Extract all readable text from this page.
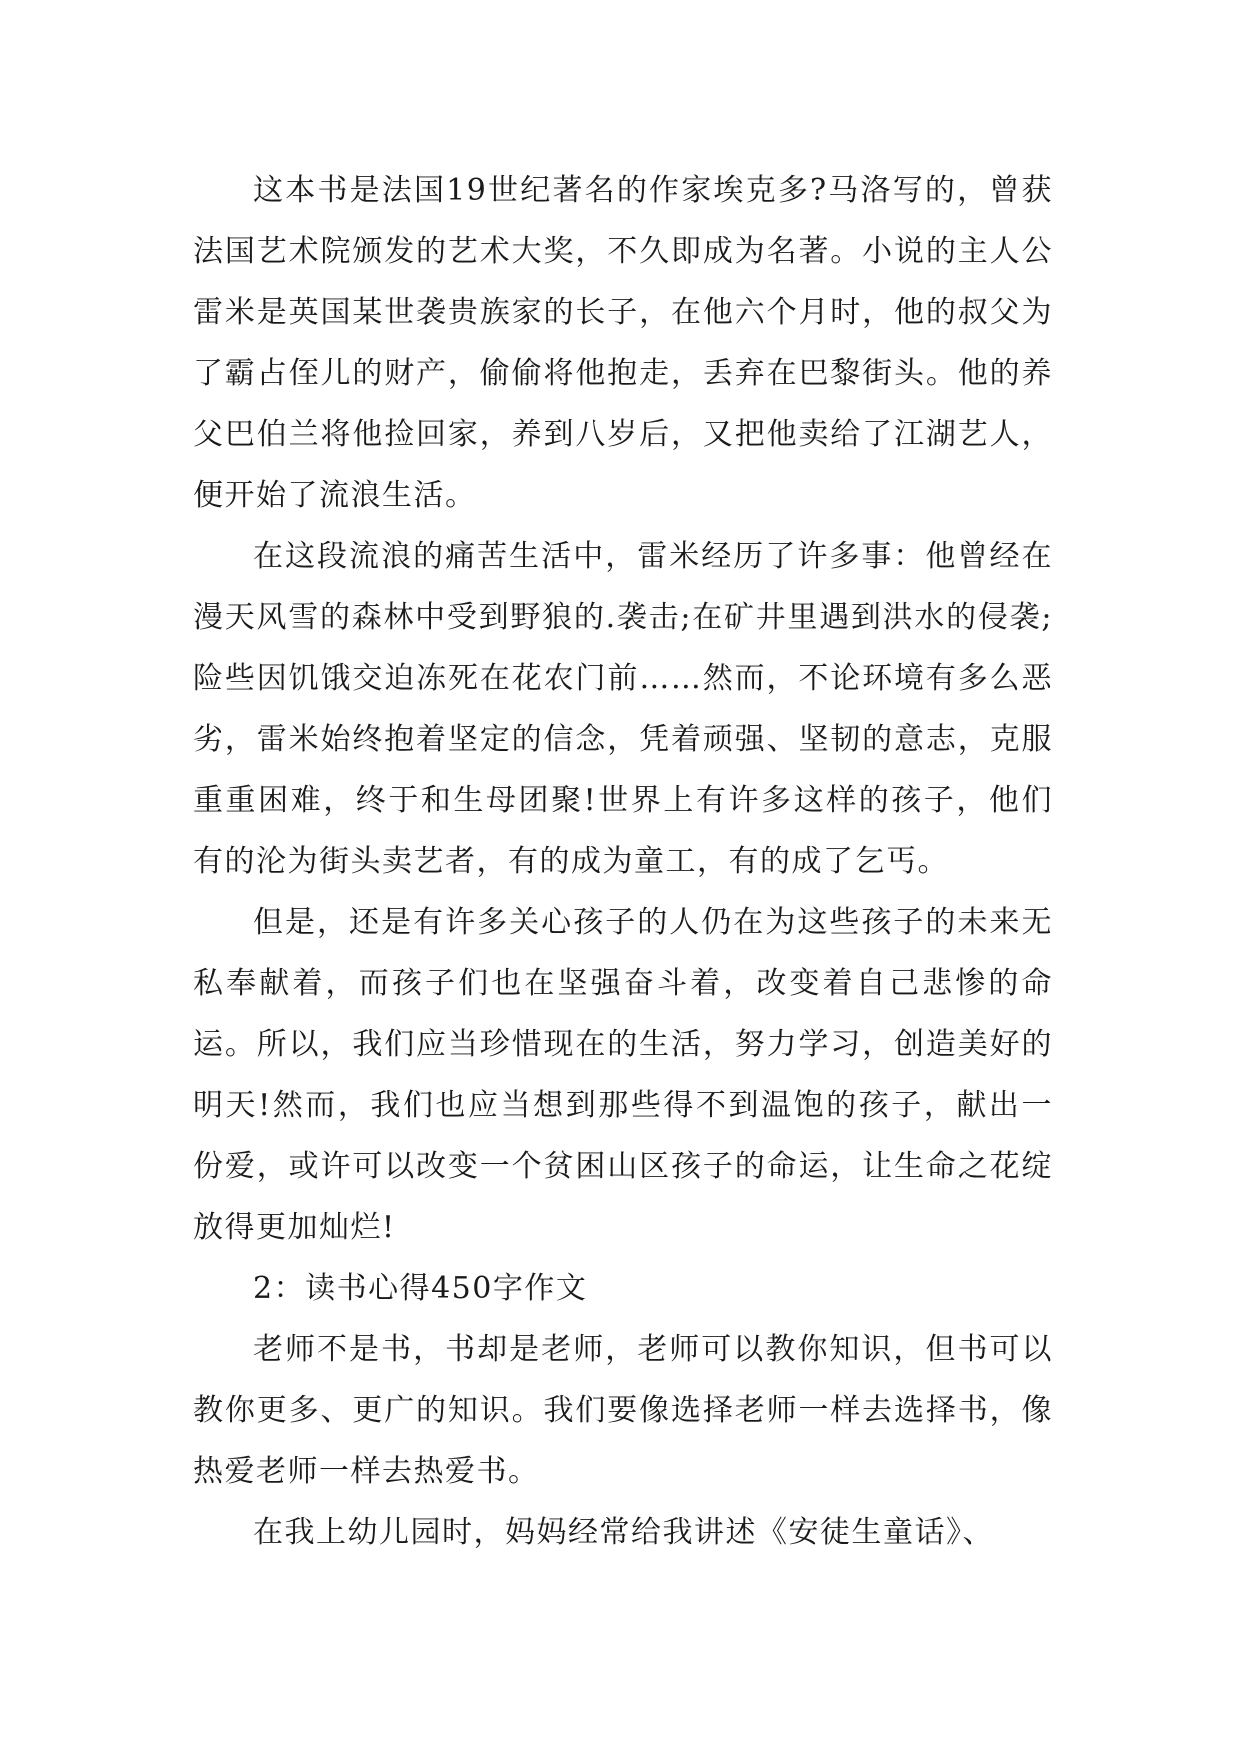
这本书是法国19世纪著名的作家埃克多?马洛写的，曾获法国艺术院颁发的艺术大奖，不久即成为名著。小说的主人公雷米是英国某世袭贵族家的长子，在他六个月时，他的叔父为了霸占侄儿的财产，偷偷将他抱走，丢弃在巴黎街头。他的养父巴伯兰将他捡回家，养到八岁后，又把他卖给了江湖艺人，便开始了流浪生活。

在这段流浪的痛苦生活中，雷米经历了许多事：他曾经在漫天风雪的森林中受到野狼的.袭击;在矿井里遇到洪水的侵袭;险些因饥饿交迫冻死在花农门前……然而，不论环境有多么恶劣，雷米始终抱着坚定的信念，凭着顽强、坚韧的意志，克服重重困难，终于和生母团聚!世界上有许多这样的孩子，他们有的沦为街头卖艺者，有的成为童工，有的成了乞丐。

但是，还是有许多关心孩子的人仍在为这些孩子的未来无私奉献着，而孩子们也在坚强奋斗着，改变着自己悲惨的命运。所以，我们应当珍惜现在的生活，努力学习，创造美好的明天!然而，我们也应当想到那些得不到温饱的孩子，献出一份爱，或许可以改变一个贫困山区孩子的命运，让生命之花绽放得更加灿烂!

2：读书心得450字作文

老师不是书，书却是老师，老师可以教你知识，但书可以教你更多、更广的知识。我们要像选择老师一样去选择书，像热爱老师一样去热爱书。

在我上幼儿园时，妈妈经常给我讲述《安徒生童话》、
